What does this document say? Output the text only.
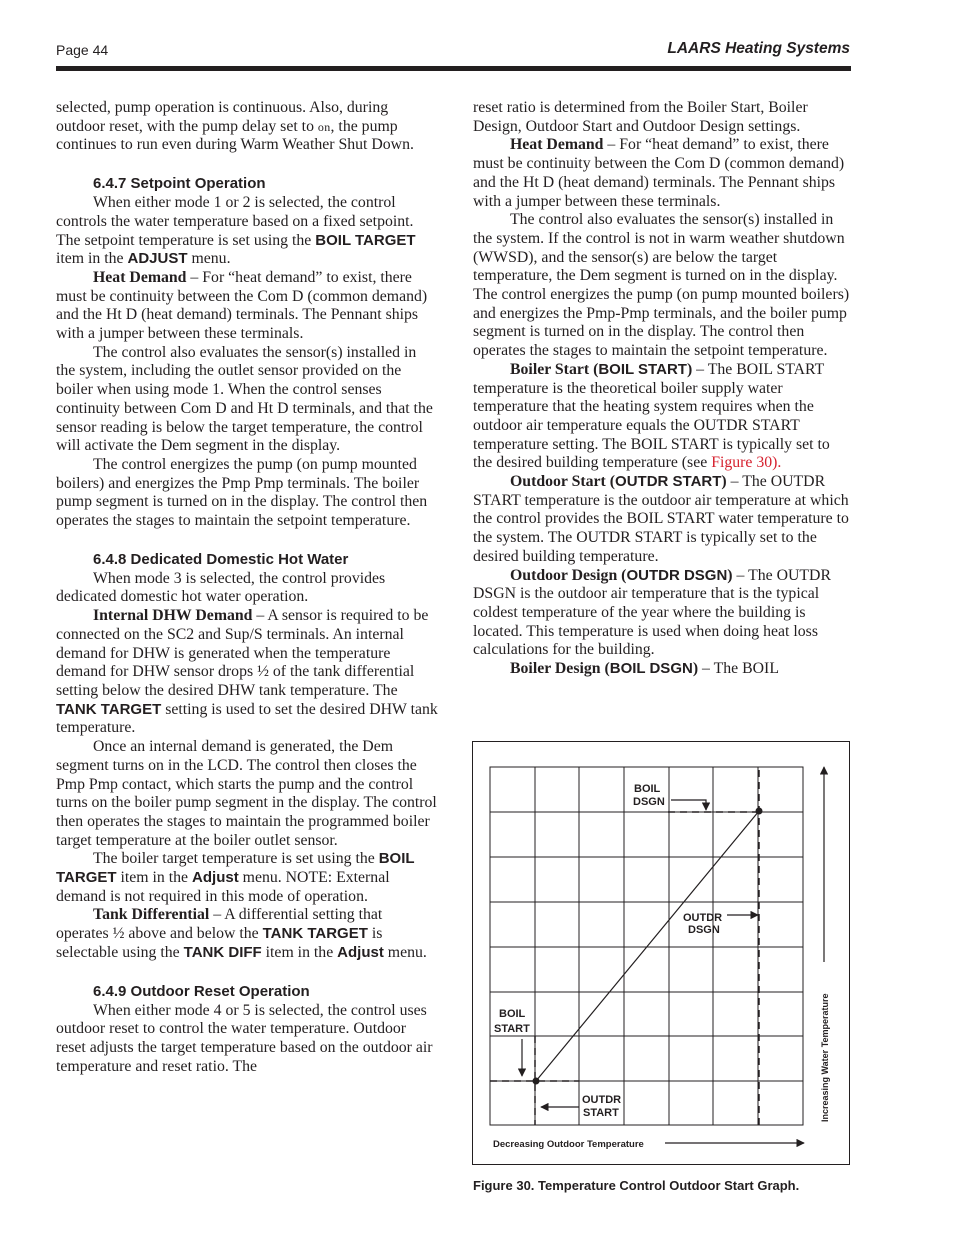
Page 44	LAARS Heating Systems

selected, pump operation is continuous. Also, during outdoor reset, with the pump delay set to on, the pump continues to run even during Warm Weather Shut Down.

6.4.7 Setpoint Operation

When either mode 1 or 2 is selected, the control controls the water temperature based on a fixed setpoint. The setpoint temperature is set using the BOIL TARGET item in the ADJUST menu.

Heat Demand – For “heat demand” to exist, there must be continuity between the Com D (common demand) and the Ht D (heat demand) terminals. The Pennant ships with a jumper between these terminals.

The control also evaluates the sensor(s) installed in the system, including the outlet sensor provided on the boiler when using mode 1. When the control senses continuity between Com D and Ht D terminals, and that the sensor reading is below the target temperature, the control will activate the Dem segment in the display.

The control energizes the pump (on pump mounted boilers) and energizes the Pmp Pmp terminals. The boiler pump segment is turned on in the display. The control then operates the stages to maintain the setpoint temperature.

6.4.8 Dedicated Domestic Hot Water

When mode 3 is selected, the control provides dedicated domestic hot water operation.

Internal DHW Demand – A sensor is required to be connected on the SC2 and Sup/S terminals. An internal demand for DHW is generated when the temperature demand for DHW sensor drops ½ of the tank differential setting below the desired DHW tank temperature. The TANK TARGET setting is used to set the desired DHW tank temperature.

Once an internal demand is generated, the Dem segment turns on in the LCD. The control then closes the Pmp Pmp contact, which starts the pump and the control turns on the boiler pump segment in the display. The control then operates the stages to maintain the programmed boiler target temperature at the boiler outlet sensor.

The boiler target temperature is set using the BOIL TARGET item in the Adjust menu. NOTE: External demand is not required in this mode of operation.

Tank Differential – A differential setting that operates ½ above and below the TANK TARGET is selectable using the TANK DIFF item in the Adjust menu.

6.4.9 Outdoor Reset Operation

When either mode 4 or 5 is selected, the control uses outdoor reset to control the water temperature. Outdoor reset adjusts the target temperature based on the outdoor air temperature and reset ratio. The

reset ratio is determined from the Boiler Start, Boiler Design, Outdoor Start and Outdoor Design settings.

Heat Demand – For “heat demand” to exist, there must be continuity between the Com D (common demand) and the Ht D (heat demand) terminals. The Pennant ships with a jumper between these terminals.

The control also evaluates the sensor(s) installed in the system. If the control is not in warm weather shutdown (WWSD), and the sensor(s) are below the target temperature, the Dem segment is turned on in the display. The control energizes the pump (on pump mounted boilers) and energizes the Pmp-Pmp terminals, and the boiler pump segment is turned on in the display. The control then operates the stages to maintain the setpoint temperature.

Boiler Start (BOIL START) – The BOIL START temperature is the theoretical boiler supply water temperature that the heating system requires when the outdoor air temperature equals the OUTDR START temperature setting. The BOIL START is typically set to the desired building temperature (see Figure 30).

Outdoor Start (OUTDR START) – The OUTDR START temperature is the outdoor air temperature at which the control provides the BOIL START water temperature to the system. The OUTDR START is typically set to the desired building temperature.

Outdoor Design (OUTDR DSGN) – The OUTDR DSGN is the outdoor air temperature that is the typical coldest temperature of the year where the building is located. This temperature is used when doing heat loss calculations for the building.

Boiler Design (BOIL DSGN) – The BOIL

BOIL
DSGN
OUTDR
DSGN
BOIL
START
OUTDR
START
Decreasing Outdoor Temperature
Increasing Water Temperature
Figure 30. Temperature Control Outdoor Start Graph.
